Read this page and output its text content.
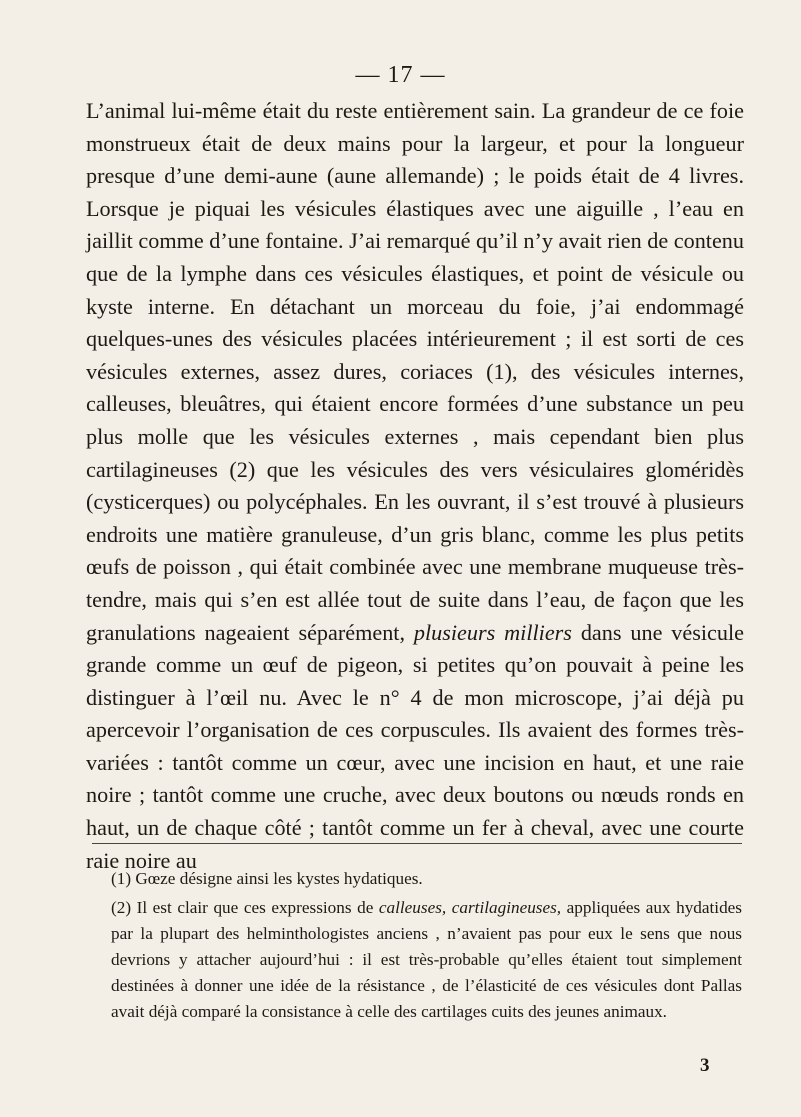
— 17 —

L’animal lui-même était du reste entièrement sain. La grandeur de ce foie monstrueux était de deux mains pour la largeur, et pour la longueur presque d’une demi-aune (aune allemande) ; le poids était de 4 livres. Lorsque je piquai les vésicules élastiques avec une aiguille , l’eau en jaillit comme d’une fontaine. J’ai remarqué qu’il n’y avait rien de contenu que de la lymphe dans ces vésicules élastiques, et point de vésicule ou kyste interne. En détachant un morceau du foie, j’ai endommagé quelques-unes des vésicules placées intérieurement ; il est sorti de ces vésicules externes, assez dures, coriaces (1), des vésicules internes, calleuses, bleuâtres, qui étaient encore formées d’une substance un peu plus molle que les vésicules externes , mais cependant bien plus cartilagineuses (2) que les vésicules des vers vésiculaires gloméridès (cysticerques) ou polycéphales. En les ouvrant, il s’est trouvé à plusieurs endroits une matière granuleuse, d’un gris blanc, comme les plus petits œufs de poisson , qui était combinée avec une membrane muqueuse très-tendre, mais qui s’en est allée tout de suite dans l’eau, de façon que les granulations nageaient séparément, plusieurs milliers dans une vésicule grande comme un œuf de pigeon, si petites qu’on pouvait à peine les distinguer à l’œil nu. Avec le n° 4 de mon microscope, j’ai déjà pu apercevoir l’organisation de ces corpuscules. Ils avaient des formes très-variées : tantôt comme un cœur, avec une incision en haut, et une raie noire ; tantôt comme une cruche, avec deux boutons ou nœuds ronds en haut, un de chaque côté ; tantôt comme un fer à cheval, avec une courte raie noire au

(1) Gœze désigne ainsi les kystes hydatiques.

(2) Il est clair que ces expressions de calleuses, cartilagineuses, appliquées aux hydatides par la plupart des helminthologistes anciens , n’avaient pas pour eux le sens que nous devrions y attacher aujourd’hui : il est très-probable qu’elles étaient tout simplement destinées à donner une idée de la résistance , de l’élasticité de ces vésicules dont Pallas avait déjà comparé la consistance à celle des cartilages cuits des jeunes animaux.

3
